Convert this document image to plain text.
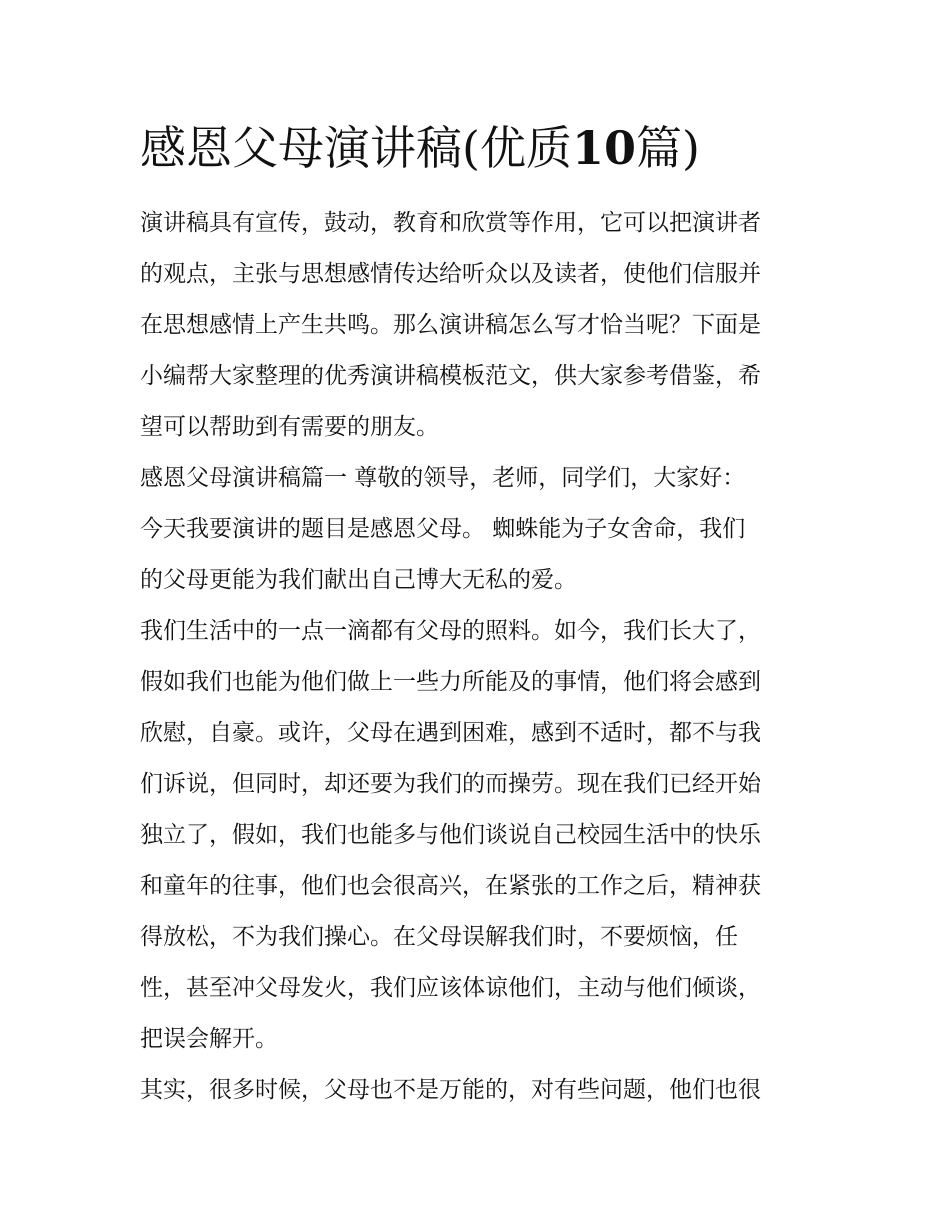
感恩父母演讲稿(优质10篇)
演讲稿具有宣传，鼓动，教育和欣赏等作用，它可以把演讲者
的观点，主张与思想感情传达给听众以及读者，使他们信服并
在思想感情上产生共鸣。那么演讲稿怎么写才恰当呢？下面是
小编帮大家整理的优秀演讲稿模板范文，供大家参考借鉴，希
望可以帮助到有需要的朋友。
感恩父母演讲稿篇一 尊敬的领导，老师，同学们，大家好：
今天我要演讲的题目是感恩父母。 蜘蛛能为子女舍命，我们
的父母更能为我们献出自己博大无私的爱。
我们生活中的一点一滴都有父母的照料。如今，我们长大了，
假如我们也能为他们做上一些力所能及的事情，他们将会感到
欣慰，自豪。或许，父母在遇到困难，感到不适时，都不与我
们诉说，但同时，却还要为我们的而操劳。现在我们已经开始
独立了，假如，我们也能多与他们谈说自己校园生活中的快乐
和童年的往事，他们也会很高兴，在紧张的工作之后，精神获
得放松，不为我们操心。在父母误解我们时，不要烦恼，任
性，甚至冲父母发火，我们应该体谅他们，主动与他们倾谈，
把误会解开。
其实，很多时候，父母也不是万能的，对有些问题，他们也很
